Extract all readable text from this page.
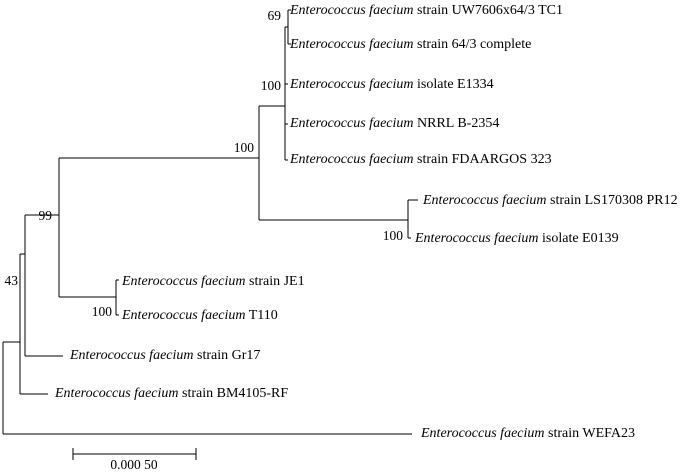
Enterococcus faecium strain UW7606x64/3 TC1
Enterococcus faecium strain 64/3 complete
Enterococcus faecium isolate E1334
Enterococcus faecium NRRL B-2354
Enterococcus faecium strain FDAARGOS 323
Enterococcus faecium strain LS170308 PR12
Enterococcus faecium isolate E0139
Enterococcus faecium strain JE1
Enterococcus faecium T110
Enterococcus faecium strain Gr17
Enterococcus faecium strain BM4105-RF
Enterococcus faecium strain WEFA23
69
100
100
100
99
100
43
0.000 50
